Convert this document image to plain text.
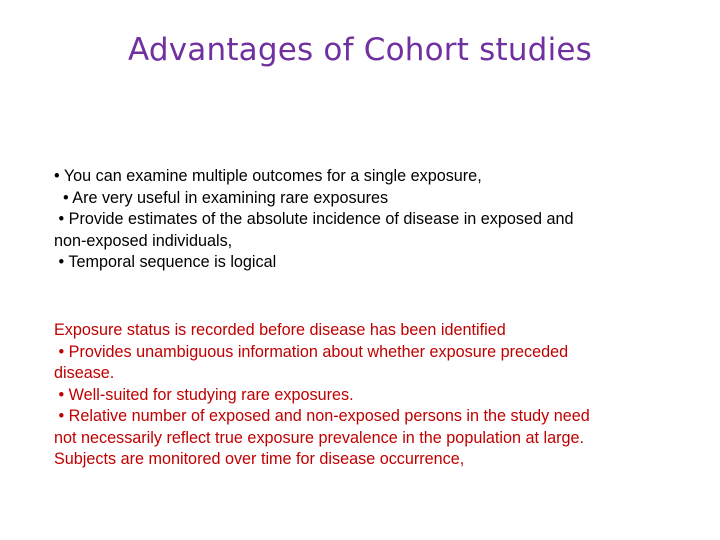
Advantages of Cohort studies
• You can examine multiple outcomes for a single exposure,
• Are very useful in examining rare exposures
• Provide estimates of the absolute incidence of disease in exposed and
non-exposed individuals,
• Temporal sequence is logical
Exposure status is recorded before disease has been identified
• Provides unambiguous information about whether exposure preceded
disease.
• Well-suited for studying rare exposures.
• Relative number of exposed and non-exposed persons in the study need
not necessarily reflect true exposure prevalence in the population at large.
Subjects are monitored over time for disease occurrence,
